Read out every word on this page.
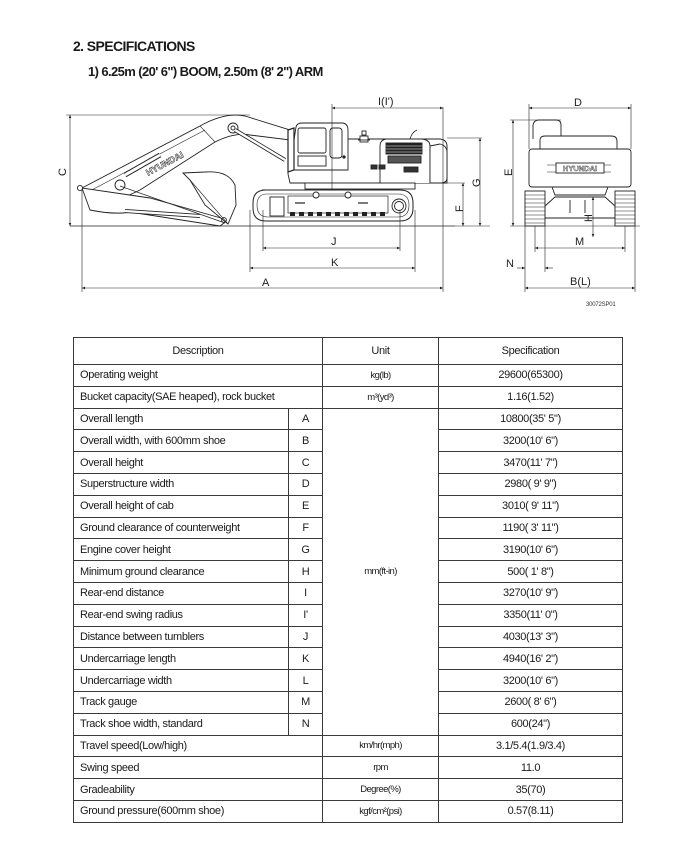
2. SPECIFICATIONS
1) 6.25m (20' 6") BOOM, 2.50m (8' 2") ARM
HYUNDAI	HYUNDAI
C
A
K
J
I(I')
F
G
D
E
H
M
N
B(L)
30072SP01
Description		Unit	Specification
Operating weight		kg(lb)	29600(65300)
Bucket capacity(SAE heaped), rock bucket		m³(yd³)	1.16(1.52)
Overall length	A	mm(ft-in)	10800(35' 5")
Overall width, with 600mm shoe	B		3200(10' 6")
Overall height	C		3470(11' 7")
Superstructure width	D		2980( 9' 9")
Overall height of cab	E		3010( 9' 11")
Ground clearance of counterweight	F		1190( 3' 11")
Engine cover height	G		3190(10' 6")
Minimum ground clearance	H		500( 1' 8")
Rear-end distance	I		3270(10' 9")
Rear-end swing radius	I'		3350(11' 0")
Distance between tumblers	J		4030(13' 3")
Undercarriage length	K		4940(16' 2")
Undercarriage width	L		3200(10' 6")
Track gauge	M		2600( 8' 6")
Track shoe width, standard	N		600(24")
Travel speed(Low/high)		km/hr(mph)	3.1/5.4(1.9/3.4)
Swing speed		rpm	11.0
Gradeability		Degree(%)	35(70)
Ground pressure(600mm shoe)		kgf/cm²(psi)	0.57(8.11)
